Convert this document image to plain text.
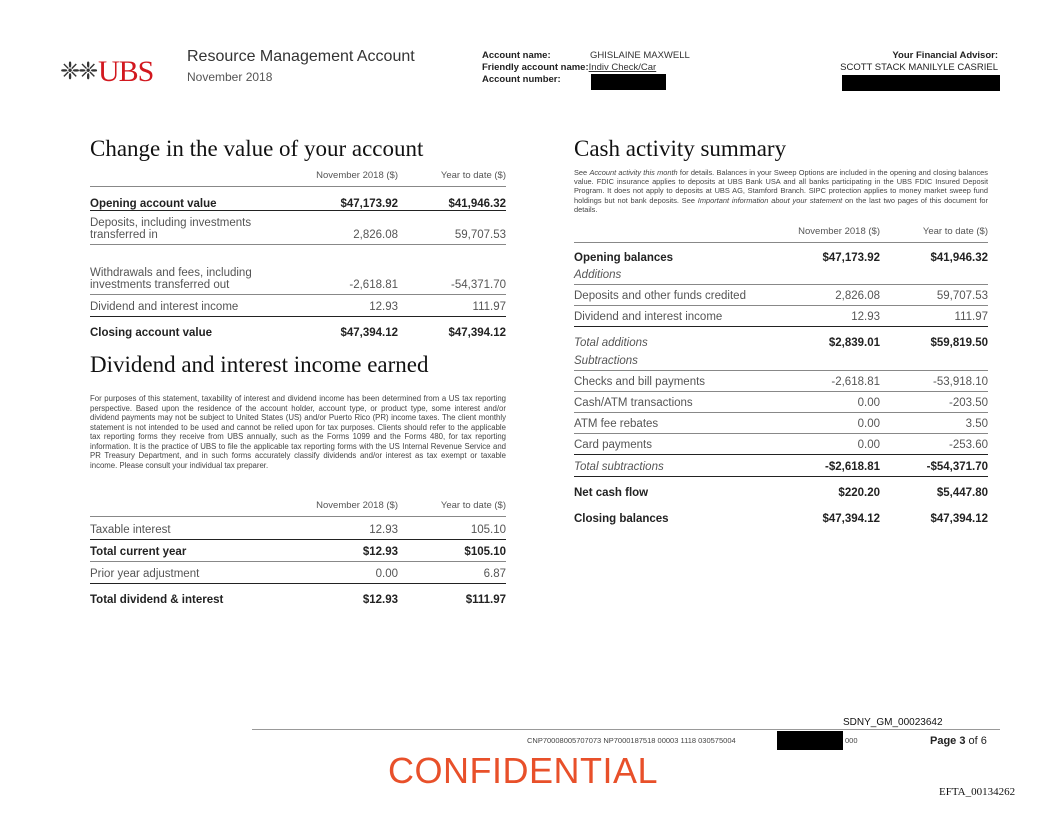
❈❈ UBS Resource Management Account
November 2018
Account name:	GHISLAINE MAXWELL
Friendly account name:Indiv Check/Car
Account number:
Your Financial Advisor:
SCOTT STACK MANILYLE CASRIEL
Change in the value of your account
	November 2018 ($)	Year to date ($)
Opening account value	$47,173.92	$41,946.32
Deposits, including investments transferred in	2,826.08	59,707.53
Withdrawals and fees, including investments transferred out	-2,618.81	-54,371.70
Dividend and interest income	12.93	111.97
Closing account value	$47,394.12	$47,394.12
Dividend and interest income earned
For purposes of this statement, taxability of interest and dividend income has been determined from a US tax reporting perspective. Based upon the residence of the account holder, account type, or product type, some interest and/or dividend payments may not be subject to United States (US) and/or Puerto Rico (PR) income taxes. The client monthly statement is not intended to be used and cannot be relied upon for tax purposes. Clients should refer to the applicable tax reporting forms they receive from UBS annually, such as the Forms 1099 and the Forms 480, for tax reporting information. It is the practice of UBS to file the applicable tax reporting forms with the US Internal Revenue Service and PR Treasury Department, and in such forms accurately classify dividends and/or interest as tax exempt or taxable income. Please consult your individual tax preparer.
	November 2018 ($)	Year to date ($)
Taxable interest	12.93	105.10
Total current year	$12.93	$105.10
Prior year adjustment	0.00	6.87
Total dividend & interest	$12.93	$111.97
Cash activity summary
See Account activity this month for details. Balances in your Sweep Options are included in the opening and closing balances value. FDIC insurance applies to deposits at UBS Bank USA and all banks participating in the UBS FDIC Insured Deposit Program. It does not apply to deposits at UBS AG, Stamford Branch. SIPC protection applies to money market sweep fund holdings but not bank deposits. See Important information about your statement on the last two pages of this document for details.
	November 2018 ($)	Year to date ($)
Opening balances	$47,173.92	$41,946.32
Additions		
Deposits and other funds credited	2,826.08	59,707.53
Dividend and interest income	12.93	111.97
Total additions	$2,839.01	$59,819.50
Subtractions		
Checks and bill payments	-2,618.81	-53,918.10
Cash/ATM transactions	0.00	-203.50
ATM fee rebates	0.00	3.50
Card payments	0.00	-253.60
Total subtractions	-$2,618.81	-$54,371.70
Net cash flow	$220.20	$5,447.80
Closing balances	$47,394.12	$47,394.12
SDNY_GM_00023642
CNP70008005707073 NP7000187518 00003 1118 030575004	000	Page 3 of 6
CONFIDENTIAL
EFTA_00134262
